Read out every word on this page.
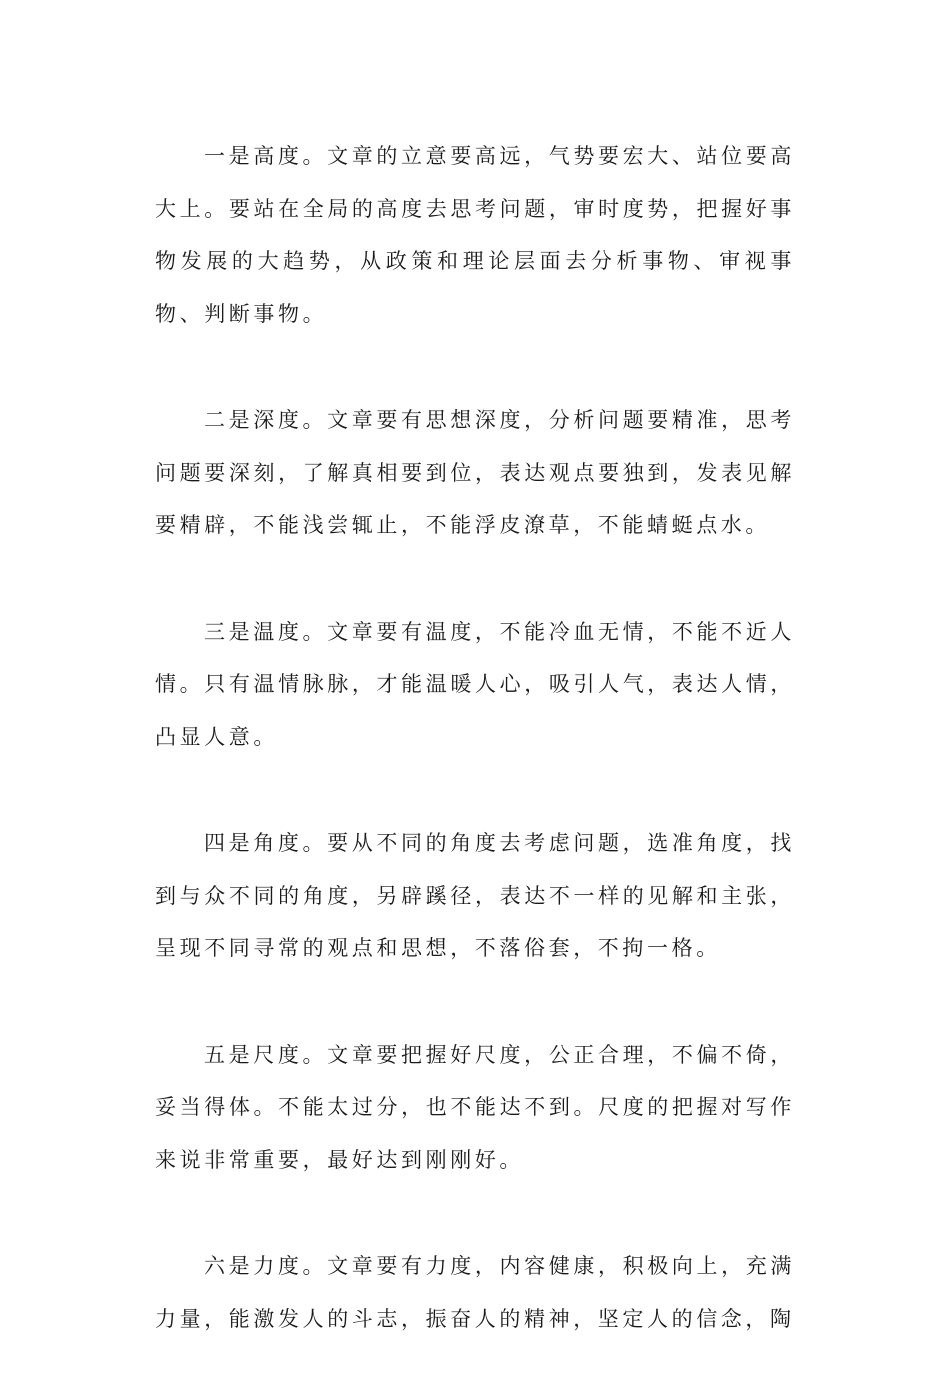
一是高度。文章的立意要高远，气势要宏大、站位要高大上。要站在全局的高度去思考问题，审时度势，把握好事物发展的大趋势，从政策和理论层面去分析事物、审视事物、判断事物。

二是深度。文章要有思想深度，分析问题要精准，思考问题要深刻，了解真相要到位，表达观点要独到，发表见解要精辟，不能浅尝辄止，不能浮皮潦草，不能蜻蜓点水。

三是温度。文章要有温度，不能冷血无情，不能不近人情。只有温情脉脉，才能温暖人心，吸引人气，表达人情，凸显人意。

四是角度。要从不同的角度去考虑问题，选准角度，找到与众不同的角度，另辟蹊径，表达不一样的见解和主张，呈现不同寻常的观点和思想，不落俗套，不拘一格。

五是尺度。文章要把握好尺度，公正合理，不偏不倚，妥当得体。不能太过分，也不能达不到。尺度的把握对写作来说非常重要，最好达到刚刚好。

六是力度。文章要有力度，内容健康，积极向上，充满力量，能激发人的斗志，振奋人的精神，坚定人的信念，陶
